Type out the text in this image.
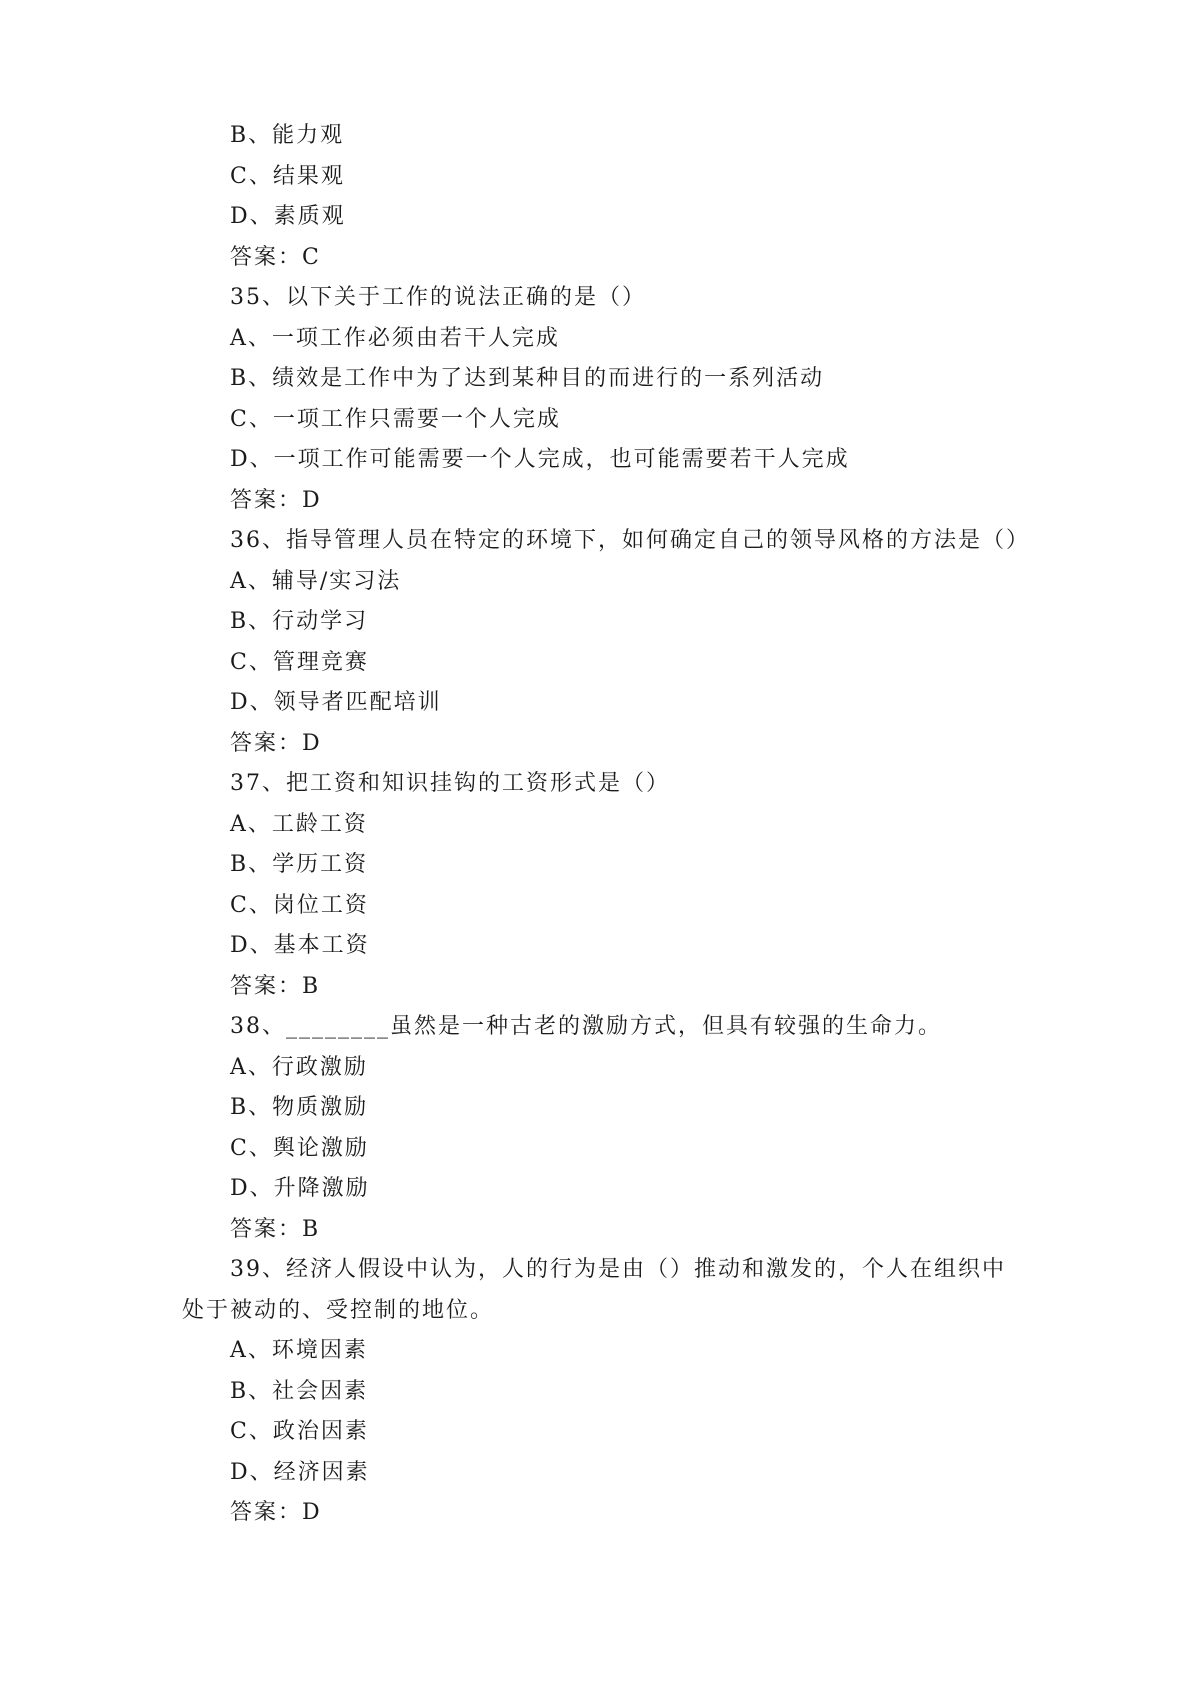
B、能力观
C、结果观
D、素质观
答案：C
35、以下关于工作的说法正确的是（）
A、一项工作必须由若干人完成
B、绩效是工作中为了达到某种目的而进行的一系列活动
C、一项工作只需要一个人完成
D、一项工作可能需要一个人完成，也可能需要若干人完成
答案：D
36、指导管理人员在特定的环境下，如何确定自己的领导风格的方法是（）
A、辅导/实习法
B、行动学习
C、管理竞赛
D、领导者匹配培训
答案：D
37、把工资和知识挂钩的工资形式是（）
A、工龄工资
B、学历工资
C、岗位工资
D、基本工资
答案：B
38、________虽然是一种古老的激励方式，但具有较强的生命力。
A、行政激励
B、物质激励
C、舆论激励
D、升降激励
答案：B
39、经济人假设中认为，人的行为是由（）推动和激发的，个人在组织中
处于被动的、受控制的地位。
A、环境因素
B、社会因素
C、政治因素
D、经济因素
答案：D
